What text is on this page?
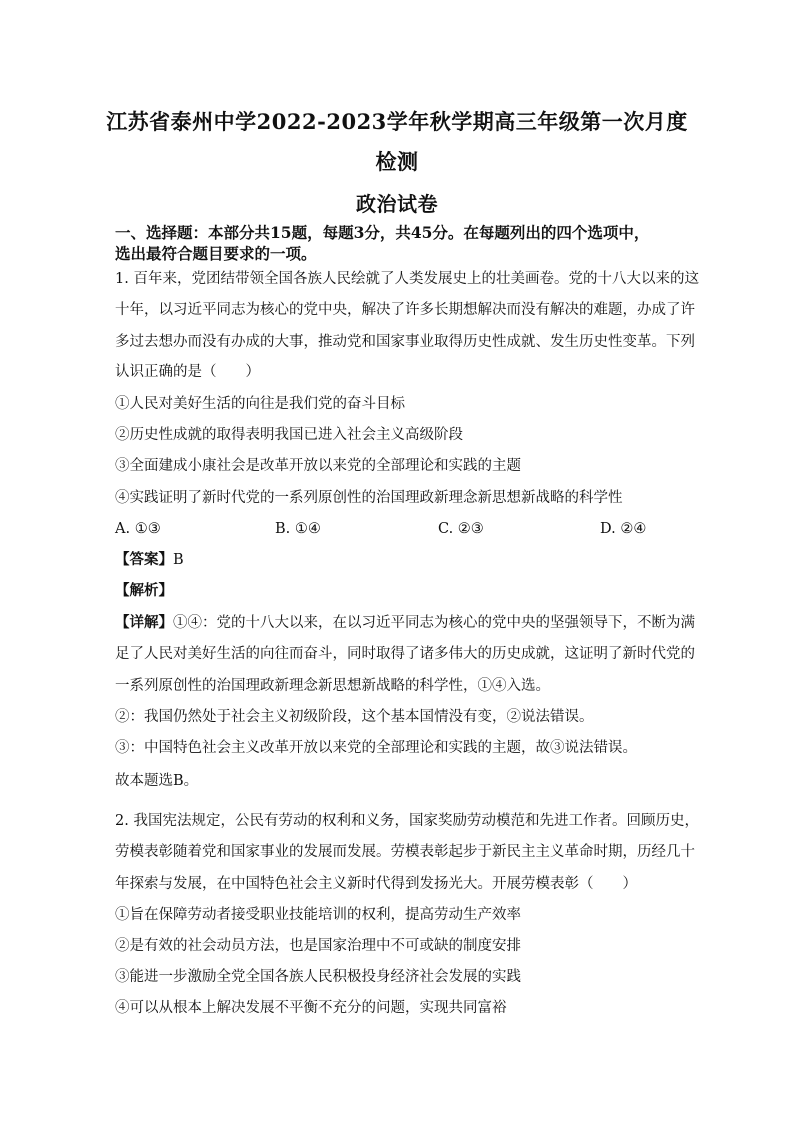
江苏省泰州中学2022-2023学年秋学期高三年级第一次月度
检测
政治试卷
一、选择题：本部分共15题，每题3分，共45分。在每题列出的四个选项中，
选出最符合题目要求的一项。
1. 百年来，党团结带领全国各族人民绘就了人类发展史上的壮美画卷。党的十八大以来的这
十年，以习近平同志为核心的党中央，解决了许多长期想解决而没有解决的难题，办成了许
多过去想办而没有办成的大事，推动党和国家事业取得历史性成就、发生历史性变革。下列
认识正确的是（　　）
①人民对美好生活的向往是我们党的奋斗目标
②历史性成就的取得表明我国已进入社会主义高级阶段
③全面建成小康社会是改革开放以来党的全部理论和实践的主题
④实践证明了新时代党的一系列原创性的治国理政新理念新思想新战略的科学性
A. ①③	B. ①④	C. ②③	D. ②④
【答案】B
【解析】
【详解】①④：党的十八大以来，在以习近平同志为核心的党中央的坚强领导下，不断为满
足了人民对美好生活的向往而奋斗，同时取得了诸多伟大的历史成就，这证明了新时代党的
一系列原创性的治国理政新理念新思想新战略的科学性，①④入选。
②：我国仍然处于社会主义初级阶段，这个基本国情没有变，②说法错误。
③：中国特色社会主义改革开放以来党的全部理论和实践的主题，故③说法错误。
故本题选B。
2. 我国宪法规定，公民有劳动的权利和义务，国家奖励劳动模范和先进工作者。回顾历史，
劳模表彰随着党和国家事业的发展而发展。劳模表彰起步于新民主主义革命时期，历经几十
年探索与发展，在中国特色社会主义新时代得到发扬光大。开展劳模表彰（　　）
①旨在保障劳动者接受职业技能培训的权利，提高劳动生产效率
②是有效的社会动员方法，也是国家治理中不可或缺的制度安排
③能进一步激励全党全国各族人民积极投身经济社会发展的实践
④可以从根本上解决发展不平衡不充分的问题，实现共同富裕
